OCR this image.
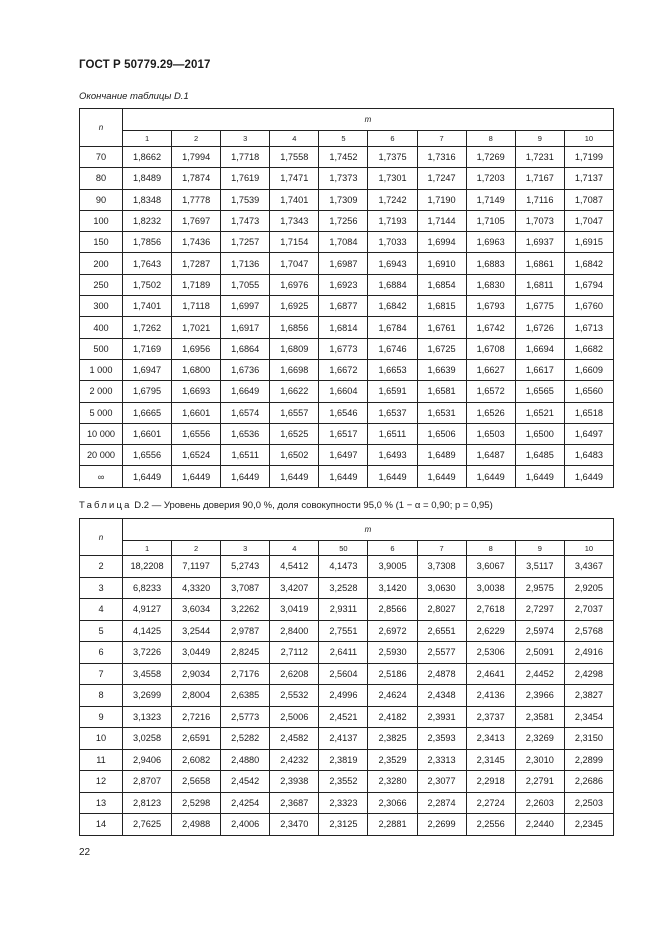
ГОСТ Р 50779.29—2017
Окончание таблицы D.1
n	m									
	1	2	3	4	5	6	7	8	9	10
70	1,8662	1,7994	1,7718	1,7558	1,7452	1,7375	1,7316	1,7269	1,7231	1,7199
80	1,8489	1,7874	1,7619	1,7471	1,7373	1,7301	1,7247	1,7203	1,7167	1,7137
90	1,8348	1,7778	1,7539	1,7401	1,7309	1,7242	1,7190	1,7149	1,7116	1,7087
100	1,8232	1,7697	1,7473	1,7343	1,7256	1,7193	1,7144	1,7105	1,7073	1,7047
150	1,7856	1,7436	1,7257	1,7154	1,7084	1,7033	1,6994	1,6963	1,6937	1,6915
200	1,7643	1,7287	1,7136	1,7047	1,6987	1,6943	1,6910	1,6883	1,6861	1,6842
250	1,7502	1,7189	1,7055	1,6976	1,6923	1,6884	1,6854	1,6830	1,6811	1,6794
300	1,7401	1,7118	1,6997	1,6925	1,6877	1,6842	1,6815	1,6793	1,6775	1,6760
400	1,7262	1,7021	1,6917	1,6856	1,6814	1,6784	1,6761	1,6742	1,6726	1,6713
500	1,7169	1,6956	1,6864	1,6809	1,6773	1,6746	1,6725	1,6708	1,6694	1,6682
1 000	1,6947	1,6800	1,6736	1,6698	1,6672	1,6653	1,6639	1,6627	1,6617	1,6609
2 000	1,6795	1,6693	1,6649	1,6622	1,6604	1,6591	1,6581	1,6572	1,6565	1,6560
5 000	1,6665	1,6601	1,6574	1,6557	1,6546	1,6537	1,6531	1,6526	1,6521	1,6518
10 000	1,6601	1,6556	1,6536	1,6525	1,6517	1,6511	1,6506	1,6503	1,6500	1,6497
20 000	1,6556	1,6524	1,6511	1,6502	1,6497	1,6493	1,6489	1,6487	1,6485	1,6483
∞	1,6449	1,6449	1,6449	1,6449	1,6449	1,6449	1,6449	1,6449	1,6449	1,6449
Таблица D.2 — Уровень доверия 90,0 %, доля совокупности 95,0 % (1 − α = 0,90; p = 0,95)
n	m									
	1	2	3	4	50	6	7	8	9	10
2	18,2208	7,1197	5,2743	4,5412	4,1473	3,9005	3,7308	3,6067	3,5117	3,4367
3	6,8233	4,3320	3,7087	3,4207	3,2528	3,1420	3,0630	3,0038	2,9575	2,9205
4	4,9127	3,6034	3,2262	3,0419	2,9311	2,8566	2,8027	2,7618	2,7297	2,7037
5	4,1425	3,2544	2,9787	2,8400	2,7551	2,6972	2,6551	2,6229	2,5974	2,5768
6	3,7226	3,0449	2,8245	2,7112	2,6411	2,5930	2,5577	2,5306	2,5091	2,4916
7	3,4558	2,9034	2,7176	2,6208	2,5604	2,5186	2,4878	2,4641	2,4452	2,4298
8	3,2699	2,8004	2,6385	2,5532	2,4996	2,4624	2,4348	2,4136	2,3966	2,3827
9	3,1323	2,7216	2,5773	2,5006	2,4521	2,4182	2,3931	2,3737	2,3581	2,3454
10	3,0258	2,6591	2,5282	2,4582	2,4137	2,3825	2,3593	2,3413	2,3269	2,3150
11	2,9406	2,6082	2,4880	2,4232	2,3819	2,3529	2,3313	2,3145	2,3010	2,2899
12	2,8707	2,5658	2,4542	2,3938	2,3552	2,3280	2,3077	2,2918	2,2791	2,2686
13	2,8123	2,5298	2,4254	2,3687	2,3323	2,3066	2,2874	2,2724	2,2603	2,2503
14	2,7625	2,4988	2,4006	2,3470	2,3125	2,2881	2,2699	2,2556	2,2440	2,2345
22
